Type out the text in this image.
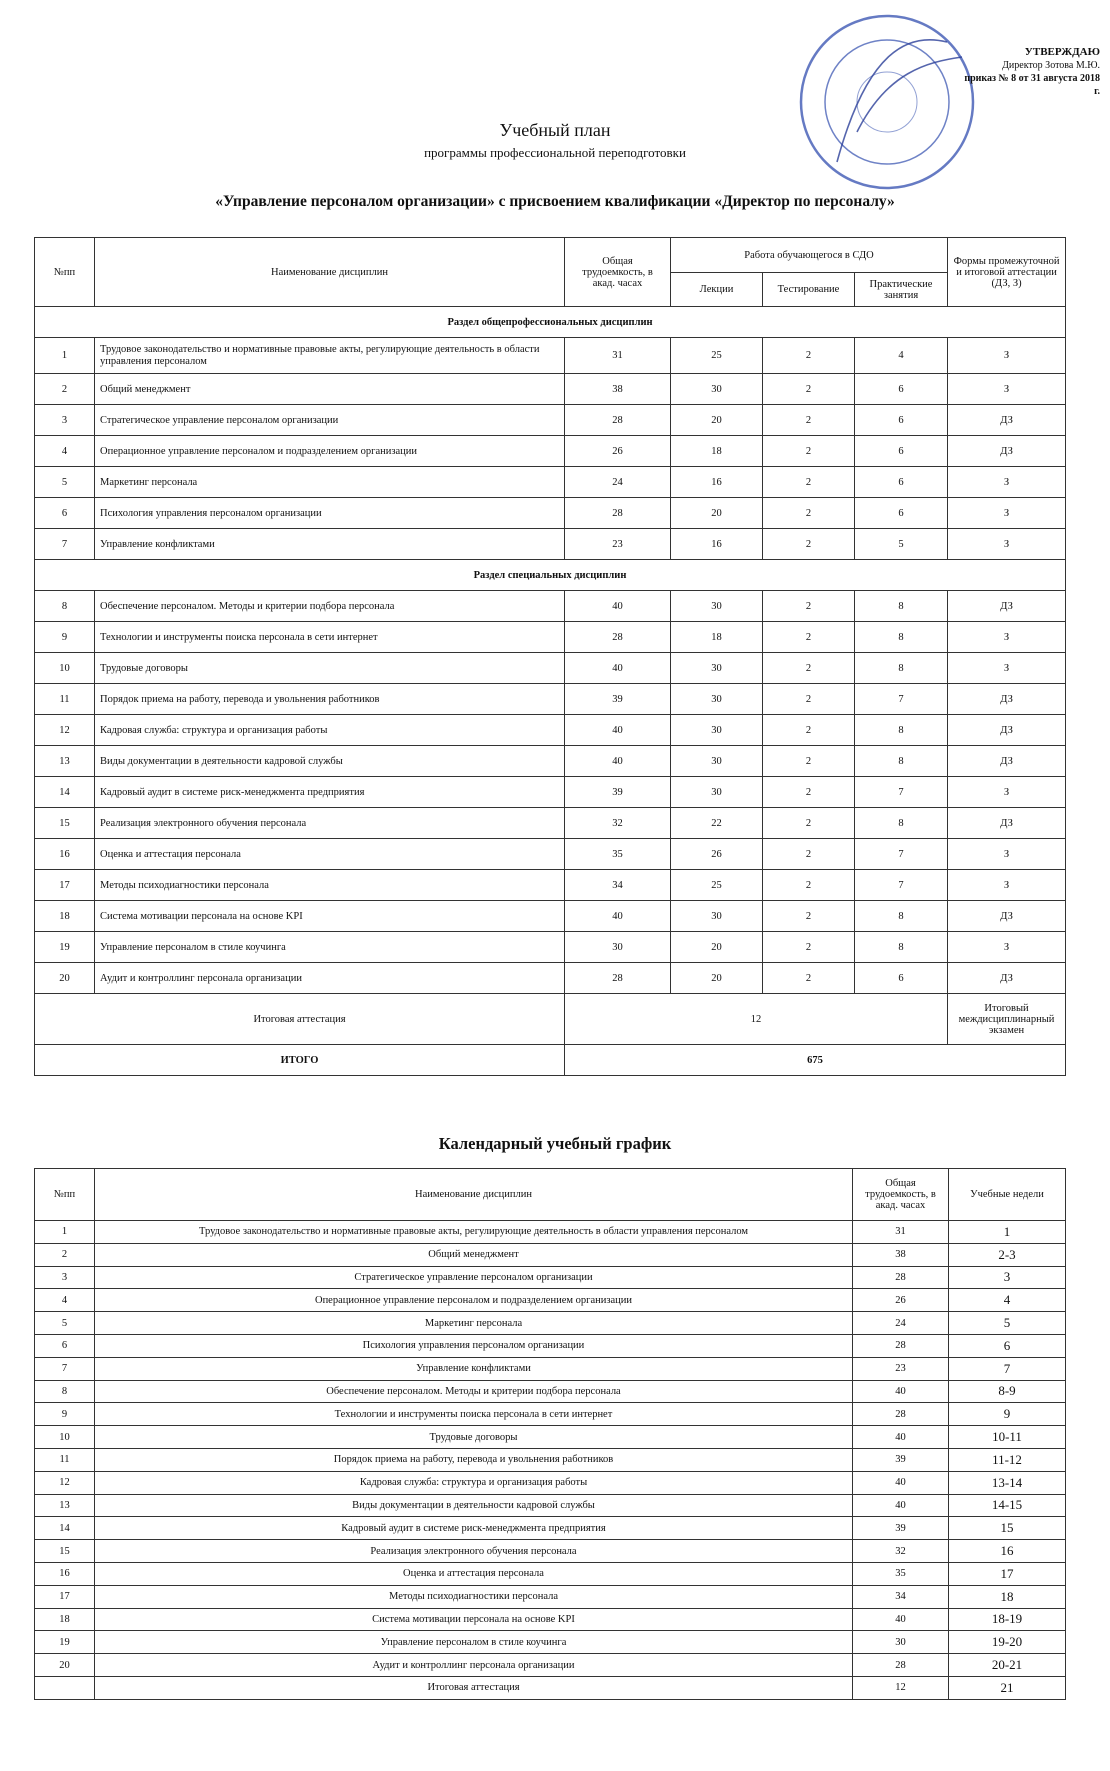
УТВЕРЖДАЮ
Директор Зотова М.Ю.
приказ № 8 от 31 августа 2018 г.
Учебный план
программы профессиональной переподготовки
«Управление персоналом организации» с присвоением квалификации «Директор по персоналу»
№пп	Наименование дисциплин	Общая трудоемкость, в акад. часах	Работа обучающегося в СДО			Формы промежуточной и итоговой аттестации (ДЗ, З)
			Лекции	Тестирование	Практические занятия	
Раздел общепрофессиональных дисциплин						
1	Трудовое законодательство и нормативные правовые акты, регулирующие деятельность в области управления персоналом	31	25	2	4	З
2	Общий менеджмент	38	30	2	6	З
3	Стратегическое управление персоналом организации	28	20	2	6	ДЗ
4	Операционное управление персоналом и подразделением организации	26	18	2	6	ДЗ
5	Маркетинг персонала	24	16	2	6	З
6	Психология управления персоналом организации	28	20	2	6	З
7	Управление конфликтами	23	16	2	5	З
Раздел специальных дисциплин						
8	Обеспечение персоналом. Методы и критерии подбора персонала	40	30	2	8	ДЗ
9	Технологии и инструменты поиска персонала в сети интернет	28	18	2	8	З
10	Трудовые договоры	40	30	2	8	З
11	Порядок приема на работу, перевода и увольнения работников	39	30	2	7	ДЗ
12	Кадровая служба: структура и организация работы	40	30	2	8	ДЗ
13	Виды документации в деятельности кадровой службы	40	30	2	8	ДЗ
14	Кадровый аудит в системе риск-менеджмента предприятия	39	30	2	7	З
15	Реализация электронного обучения персонала	32	22	2	8	ДЗ
16	Оценка и аттестация персонала	35	26	2	7	З
17	Методы психодиагностики персонала	34	25	2	7	З
18	Система мотивации персонала на основе KPI	40	30	2	8	ДЗ
19	Управление персоналом в стиле коучинга	30	20	2	8	З
20	Аудит и контроллинг персонала организации	28	20	2	6	ДЗ
Итоговая аттестация		12				Итоговый междисциплинарный экзамен
ИТОГО		675				
Календарный учебный график
№пп	Наименование дисциплин	Общая трудоемкость, в акад. часах	Учебные недели
1	Трудовое законодательство и нормативные правовые акты, регулирующие деятельность в области управления персоналом	31	1
2	Общий менеджмент	38	2-3
3	Стратегическое управление персоналом организации	28	3
4	Операционное управление персоналом и подразделением организации	26	4
5	Маркетинг персонала	24	5
6	Психология управления персоналом организации	28	6
7	Управление конфликтами	23	7
8	Обеспечение персоналом. Методы и критерии подбора персонала	40	8-9
9	Технологии и инструменты поиска персонала в сети интернет	28	9
10	Трудовые договоры	40	10-11
11	Порядок приема на работу, перевода и увольнения работников	39	11-12
12	Кадровая служба: структура и организация работы	40	13-14
13	Виды документации в деятельности кадровой службы	40	14-15
14	Кадровый аудит в системе риск-менеджмента предприятия	39	15
15	Реализация электронного обучения персонала	32	16
16	Оценка и аттестация персонала	35	17
17	Методы психодиагностики персонала	34	18
18	Система мотивации персонала на основе KPI	40	18-19
19	Управление персоналом в стиле коучинга	30	19-20
20	Аудит и контроллинг персонала организации	28	20-21
	Итоговая аттестация	12	21
